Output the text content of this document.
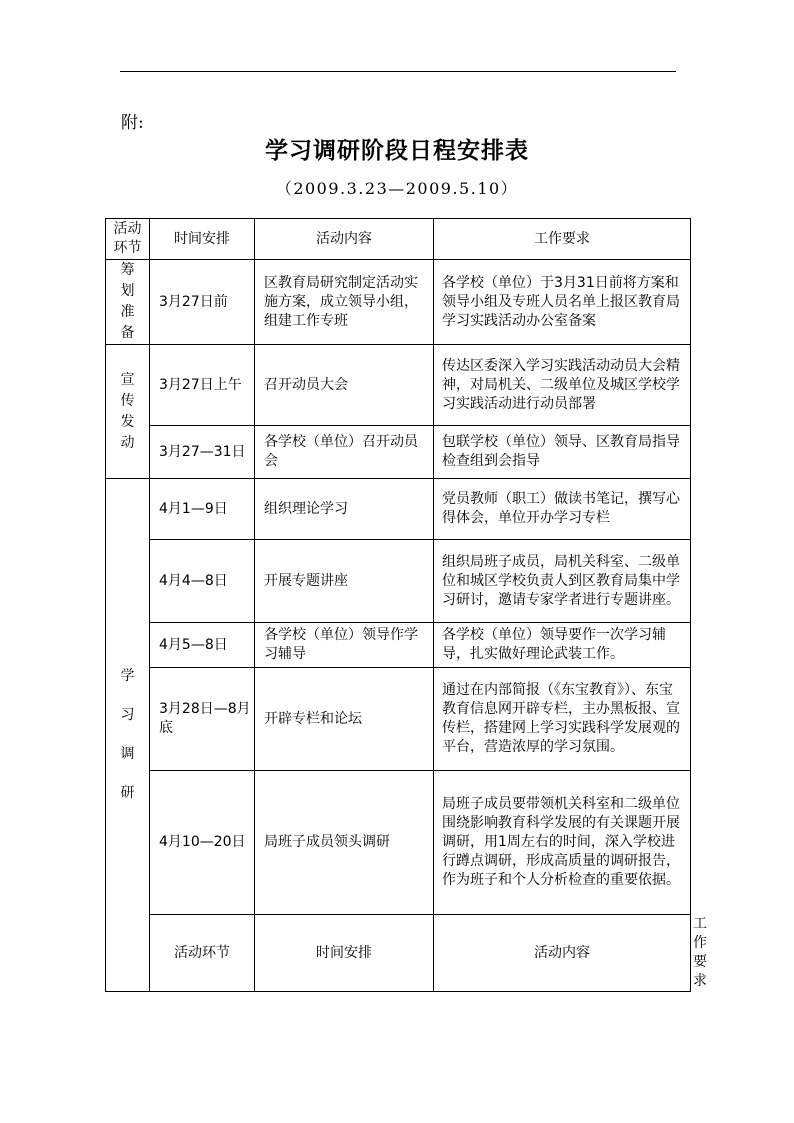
附:
学习调研阶段日程安排表
（2009.3.23—2009.5.10）
活动环节	时间安排	活动内容	工作要求	

筹
划
准
备	3月27日前	区教育局研究制定活动实施方案，成立领导小组，组建工作专班	各学校（单位）于3月31日前将方案和领导小组及专班人员名单上报区教育局学习实践活动办公室备案	

宣
传
发
动	3月27日上午	召开动员大会	传达区委深入学习实践活动动员大会精神，对局机关、二级单位及城区学校学习实践活动进行动员部署	
	3月27—31日	各学校（单位）召开动员会	包联学校（单位）领导、区教育局指导检查组到会指导	

学
习
调
研	4月1—9日	组织理论学习	党员教师（职工）做读书笔记，撰写心得体会，单位开办学习专栏	
	4月4—8日	开展专题讲座	组织局班子成员，局机关科室、二级单位和城区学校负责人到区教育局集中学习研讨，邀请专家学者进行专题讲座。	
	4月5—8日	各学校（单位）领导作学习辅导	各学校（单位）领导要作一次学习辅导，扎实做好理论武装工作。	
	3月28日—8月底	开辟专栏和论坛	通过在内部简报（《东宝教育》）、东宝教育信息网开辟专栏，主办黑板报、宣传栏，搭建网上学习实践科学发展观的平台，营造浓厚的学习氛围。	
	4月10—20日	局班子成员领头调研	局班子成员要带领机关科室和二级单位围绕影响教育科学发展的有关课题开展调研，用1周左右的时间，深入学校进行蹲点调研，形成高质量的调研报告，作为班子和个人分析检查的重要依据。	
	活动环节	时间安排	活动内容	工作要求
